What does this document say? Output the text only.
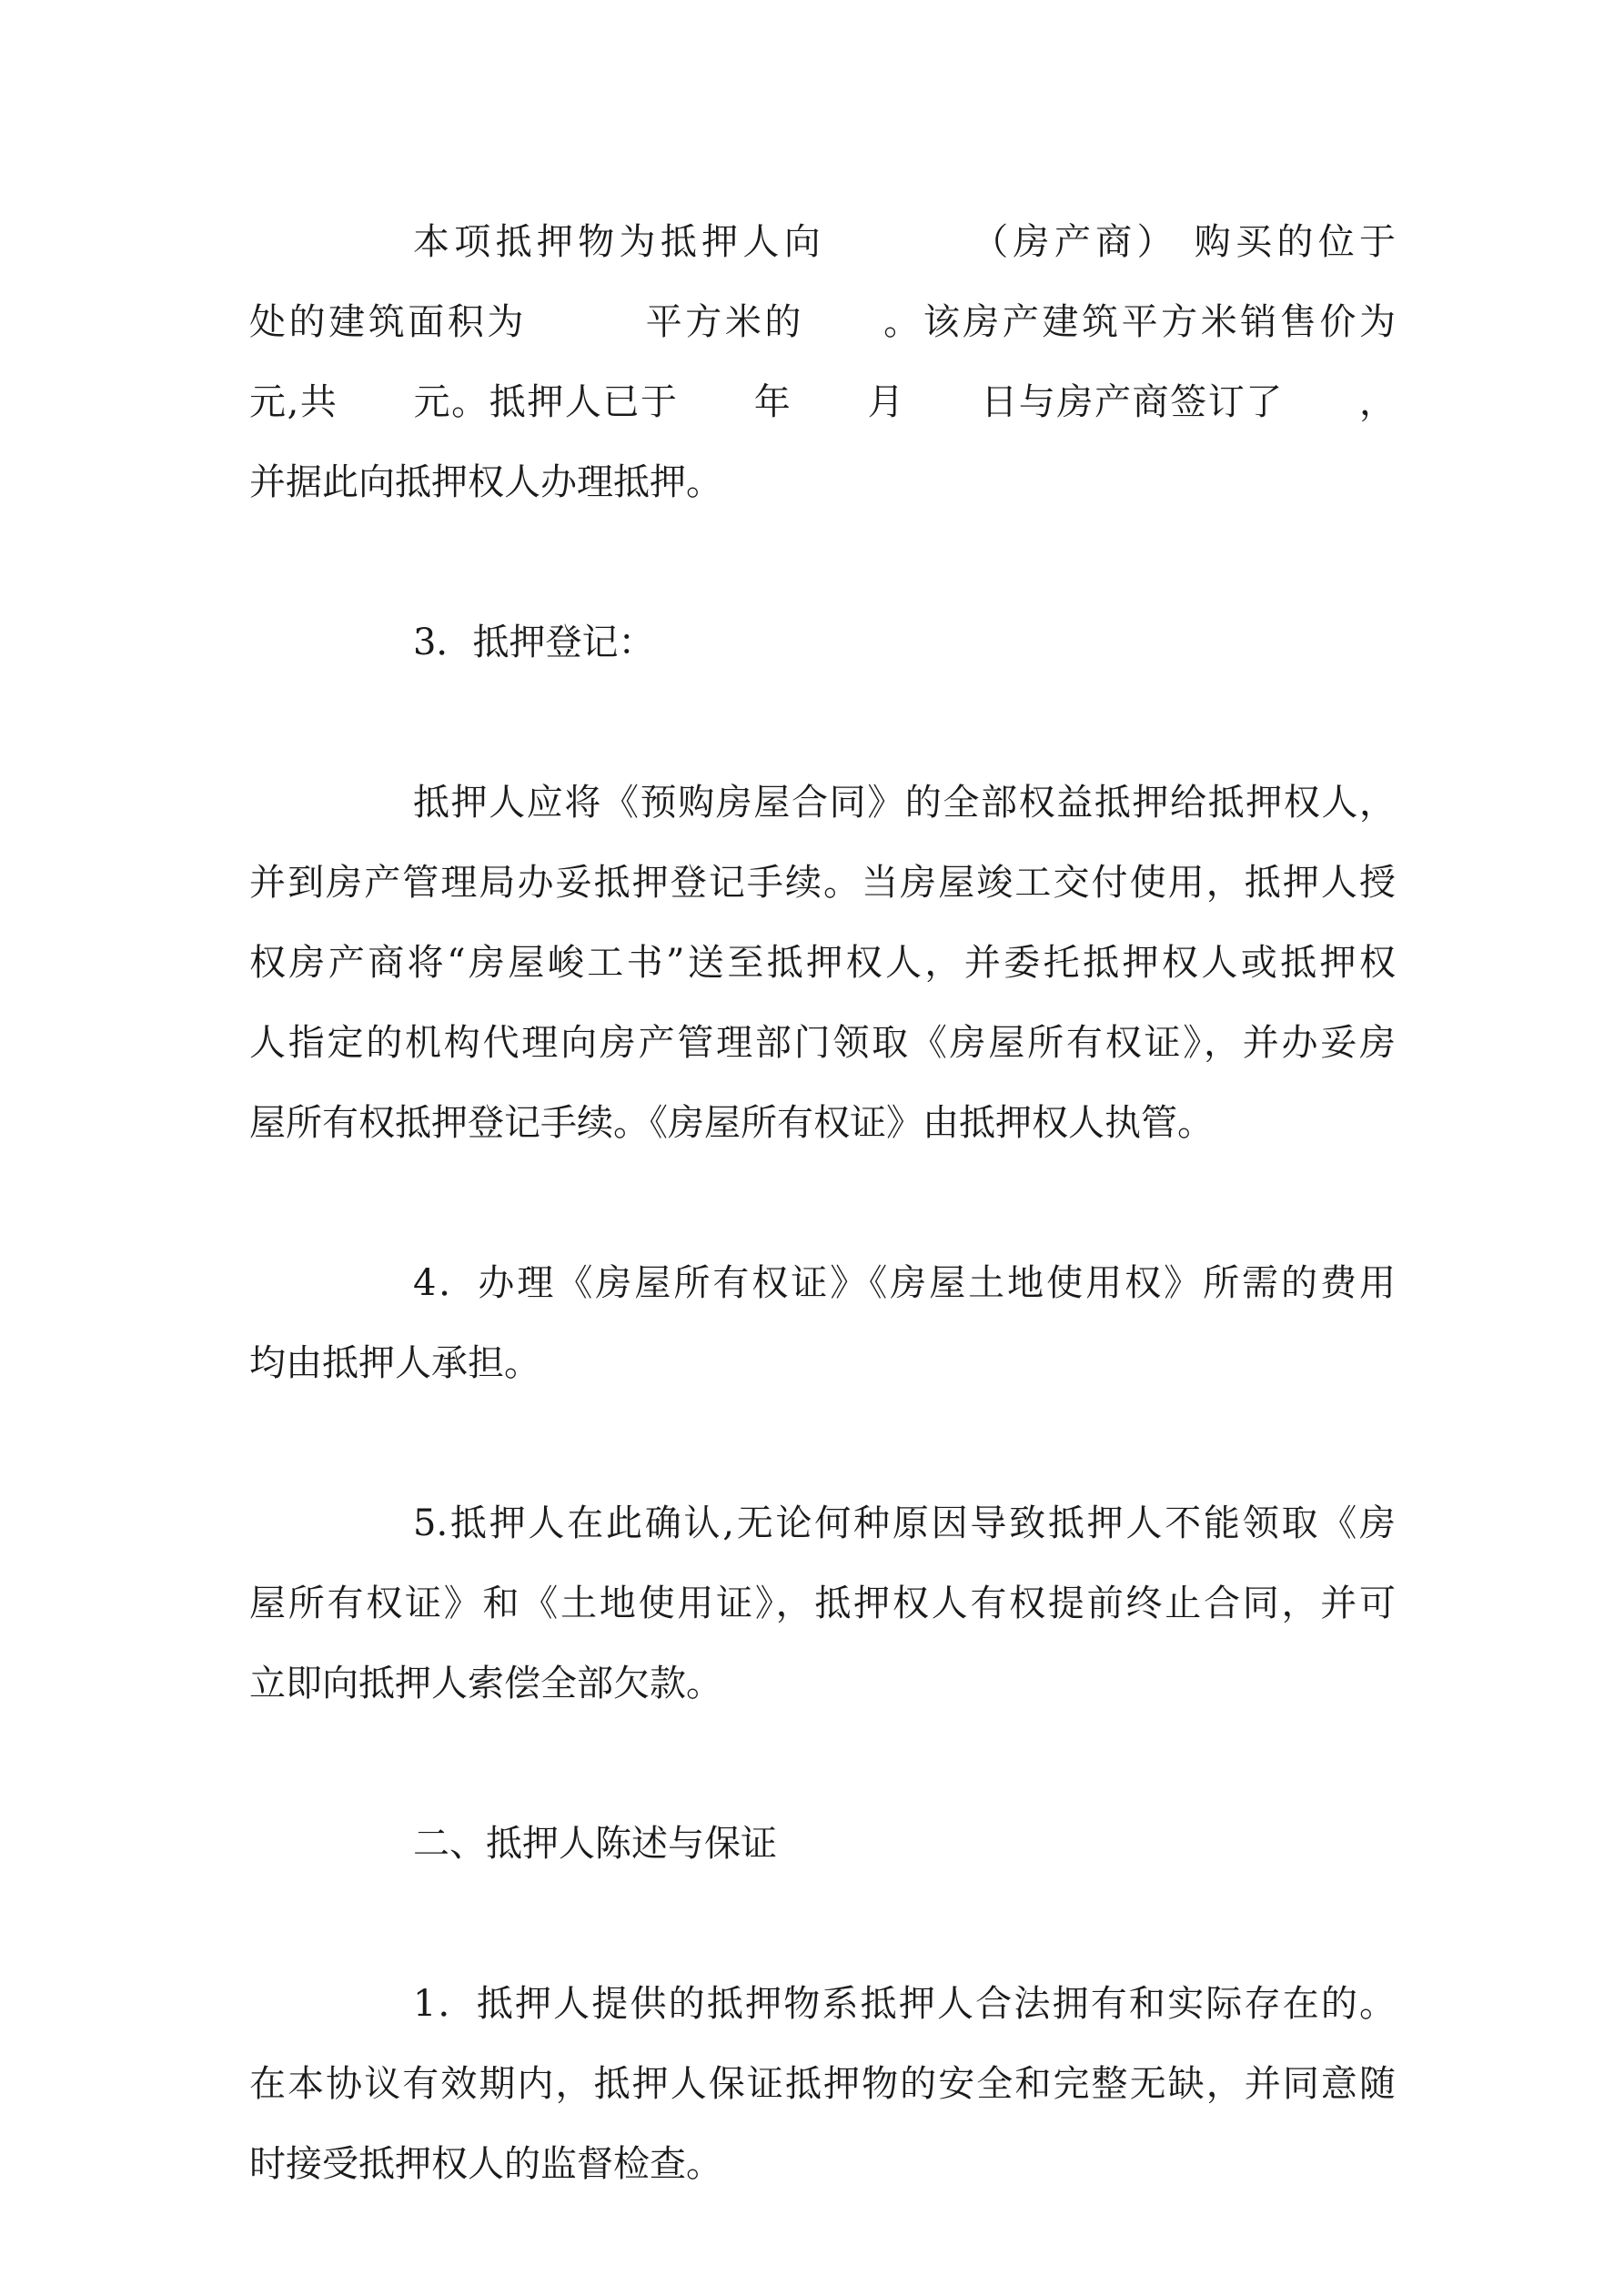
本项抵押物为抵押人向　　　　（房产商） 购买的位于
处的建筑面积为　　　平方米的　　。该房产建筑平方米销售价为
元,共　　元。抵押人已于　　年　　月　　日与房产商签订了　　，
并据此向抵押权人办理抵押。
3．抵押登记：
抵押人应将《预购房屋合同》的全部权益抵押给抵押权人，
并到房产管理局办妥抵押登记手续。当房屋竣工交付使用，抵押人授
权房产商将“房屋峻工书”送至抵押权人，并委托抵押权人或抵押权
人指定的机构代理向房产管理部门领取《房屋所有权证》，并办妥房
屋所有权抵押登记手续。《房屋所有权证》由抵押权人执管。
4．办理《房屋所有权证》《房屋土地使用权》所需的费用
均由抵押人承担。
5.抵押人在此确认,无论何种原因导致抵押人不能领取《房
屋所有权证》和《土地使用证》，抵押权人有权提前终止合同，并可
立即向抵押人索偿全部欠款。
二、抵押人陈述与保证
1．抵押人提供的抵押物系抵押人合法拥有和实际存在的。
在本协议有效期内，抵押人保证抵押物的安全和完整无缺，并同意随
时接受抵押权人的监督检查。
